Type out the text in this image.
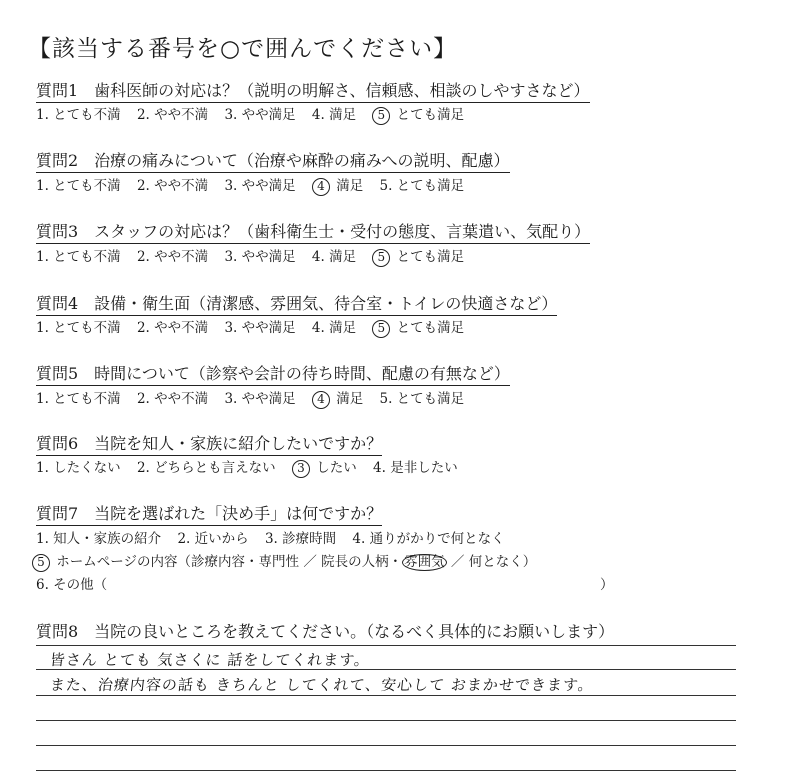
【該当する番号を○で囲んでください】
質問1　歯科医師の対応は？（説明の明解さ、信頼感、相談のしやすさなど）
1. とても不満 2. やや不満 3. やや満足 4. 満足 5 とても満足
質問2　治療の痛みについて（治療や麻酔の痛みへの説明、配慮）
1. とても不満 2. やや不満 3. やや満足 4 満足 5. とても満足
質問3　スタッフの対応は？（歯科衛生士・受付の態度、言葉遣い、気配り）
1. とても不満 2. やや不満 3. やや満足 4. 満足 5 とても満足
質問4　設備・衛生面（清潔感、雰囲気、待合室・トイレの快適さなど）
1. とても不満 2. やや不満 3. やや満足 4. 満足 5 とても満足
質問5　時間について（診察や会計の待ち時間、配慮の有無など）
1. とても不満 2. やや不満 3. やや満足 4 満足 5. とても満足
質問6　当院を知人・家族に紹介したいですか？
1. したくない 2. どちらとも言えない 3 したい 4. 是非したい
質問7　当院を選ばれた「決め手」は何ですか？
1. 知人・家族の紹介 2. 近いから 3. 診療時間 4. 通りがかりで何となく
5 ホームページの内容（診療内容・専門性 ／ 院長の人柄・ 雰囲気 ／ 何となく）
6. その他（	）
質問8　当院の良いところを教えてください。（なるべく具体的にお願いします）
皆さん とても 気さくに 話をしてくれます。
また、治療内容の話も きちんと してくれて、安心して おまかせできます。
